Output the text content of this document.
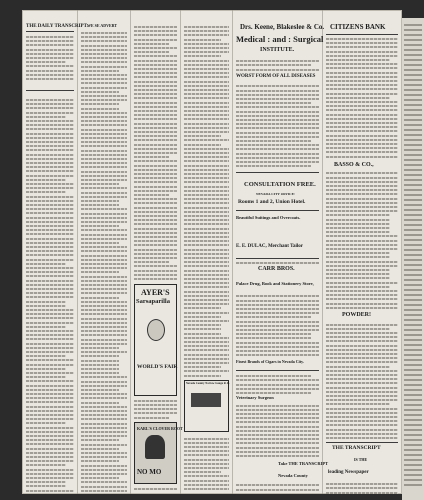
THE DAILY TRANSCRIPT. WE SE ADVERT
AYER'S
Sarsaparilla
WORLD'S FAIR
KARL'S CLOVER ROOT
NO MO
Nevada County Narrow Gauge R. R.
Drs. Keene, Blakeslee & Co.
Medical : and : Surgical
INSTITUTE.
WORST FORM OF ALL DISEASES
CONSULTATION FREE.
NEVADA CITY OFFICE:
Rooms 1 and 2, Union Hotel.
Beautiful Suitings and Overcoats.
E. E. DULAC, Merchant Tailor
CARR BROS.
Palace Drug, Book and Stationery Store,
Finest Brands of Cigars in Nevada City.
Veterinary Surgeon
Take THE TRANSCRIPT
Nevada County
CITIZENS BANK
BASSO & CO.,
POWDER!
THE TRANSCRIPT
IS THE
leading Newspaper
